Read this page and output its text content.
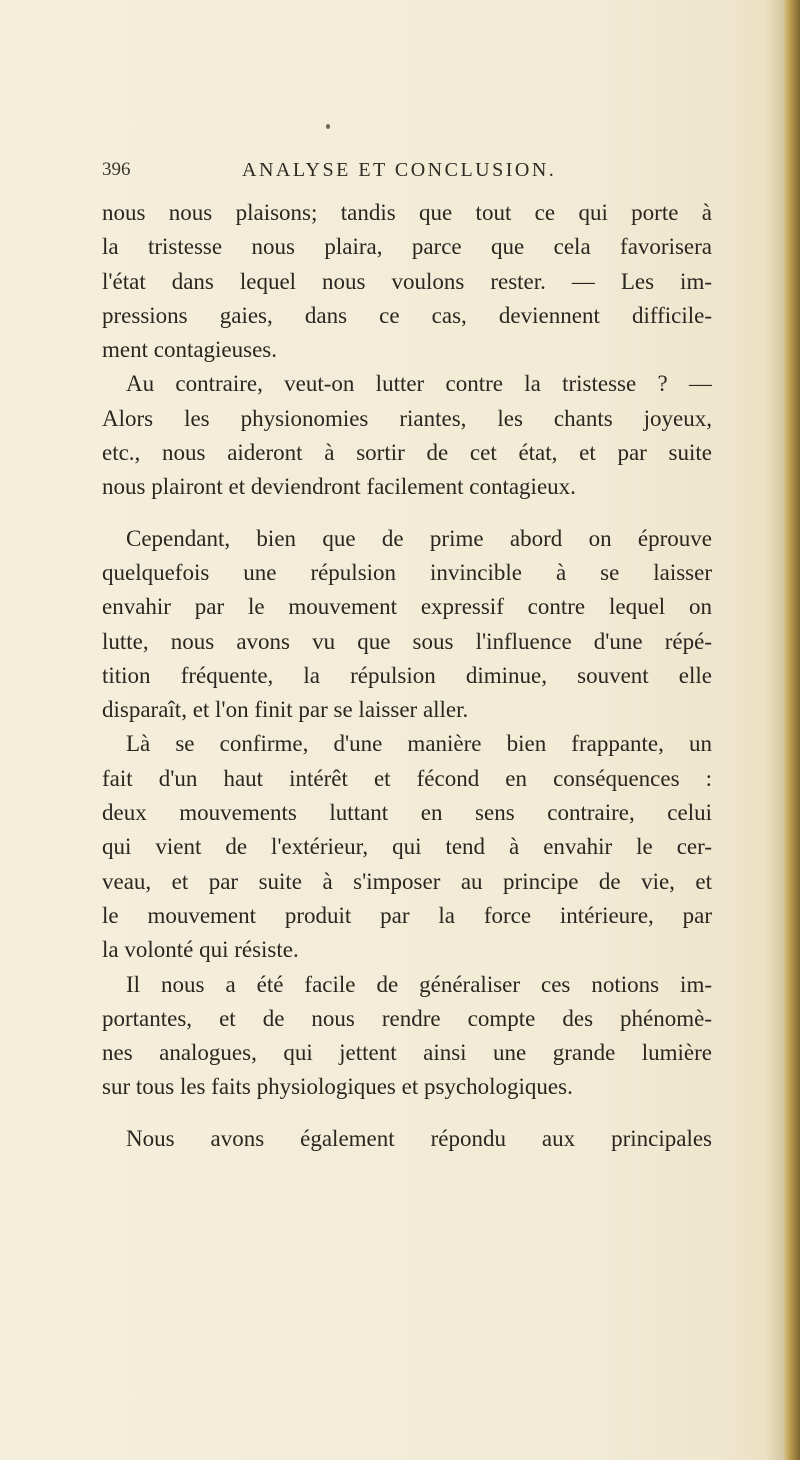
396	ANALYSE ET CONCLUSION.
nous nous plaisons; tandis que tout ce qui porte à
la tristesse nous plaira, parce que cela favorisera
l'état dans lequel nous voulons rester. — Les im-
pressions gaies, dans ce cas, deviennent difficile-
ment contagieuses.
Au contraire, veut-on lutter contre la tristesse ? —
Alors les physionomies riantes, les chants joyeux,
etc., nous aideront à sortir de cet état, et par suite
nous plairont et deviendront facilement contagieux.
Cependant, bien que de prime abord on éprouve
quelquefois une répulsion invincible à se laisser
envahir par le mouvement expressif contre lequel on
lutte, nous avons vu que sous l'influence d'une répé-
tition fréquente, la répulsion diminue, souvent elle
disparaît, et l'on finit par se laisser aller.
Là se confirme, d'une manière bien frappante, un
fait d'un haut intérêt et fécond en conséquences :
deux mouvements luttant en sens contraire, celui
qui vient de l'extérieur, qui tend à envahir le cer-
veau, et par suite à s'imposer au principe de vie, et
le mouvement produit par la force intérieure, par
la volonté qui résiste.
Il nous a été facile de généraliser ces notions im-
portantes, et de nous rendre compte des phénomè-
nes analogues, qui jettent ainsi une grande lumière
sur tous les faits physiologiques et psychologiques.
Nous avons également répondu aux principales
